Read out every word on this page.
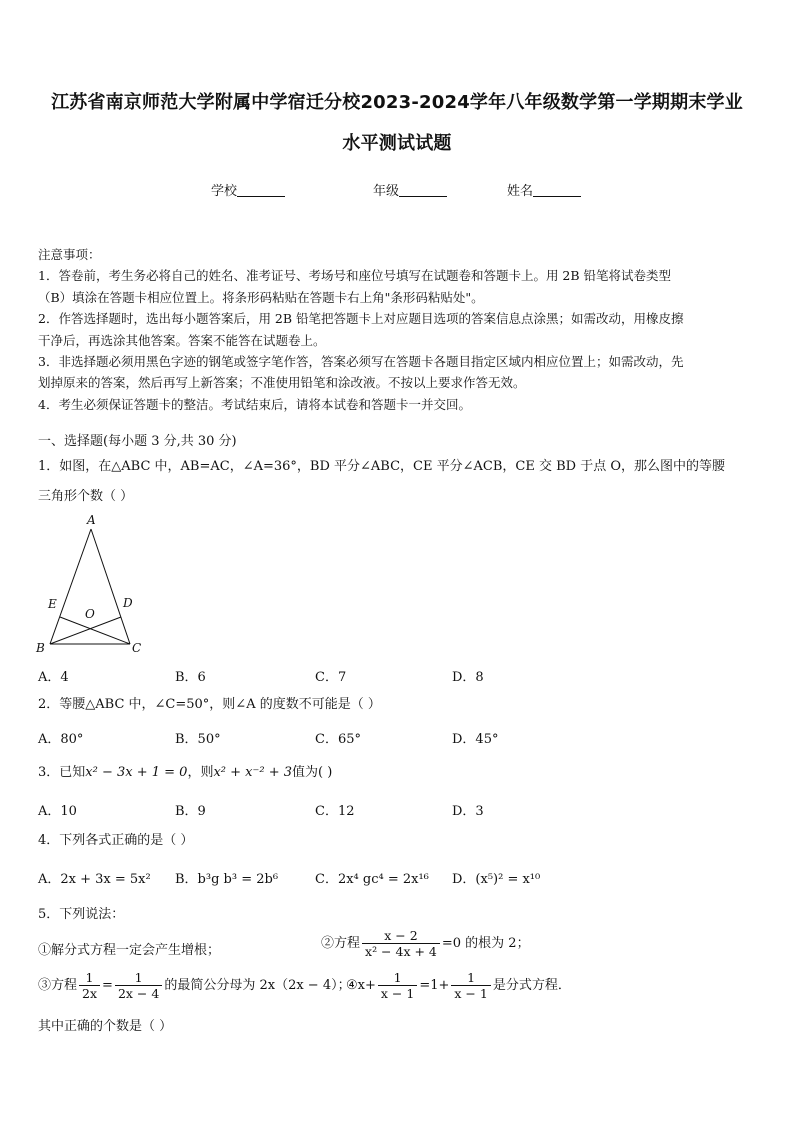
江苏省南京师范大学附属中学宿迁分校2023-2024学年八年级数学第一学期期末学业
水平测试试题
学校	年级	姓名

注意事项：

1．答卷前，考生务必将自己的姓名、准考证号、考场号和座位号填写在试题卷和答题卡上。用 2B 铅笔将试卷类型

（B）填涂在答题卡相应位置上。将条形码粘贴在答题卡右上角"条形码粘贴处"。

2．作答选择题时，选出每小题答案后，用 2B 铅笔把答题卡上对应题目选项的答案信息点涂黑；如需改动，用橡皮擦

干净后，再选涂其他答案。答案不能答在试题卷上。

3．非选择题必须用黑色字迹的钢笔或签字笔作答，答案必须写在答题卡各题目指定区域内相应位置上；如需改动，先

划掉原来的答案，然后再写上新答案；不准使用铅笔和涂改液。不按以上要求作答无效。

4．考生必须保证答题卡的整洁。考试结束后，请将本试卷和答题卡一并交回。

一、选择题(每小题 3 分,共 30 分)
1．如图，在△ABC 中，AB=AC，∠A=36°，BD 平分∠ABC，CE 平分∠ACB，CE 交 BD 于点 O，那么图中的等腰
三角形个数（ ）
A
B	C
D
E
O
A．4	B．6	C．7	D．8
2．等腰△ABC 中，∠C=50°，则∠A 的度数不可能是（ ）
A．80°	B．50°	C．65°	D．45°
3．已知x² − 3x + 1 = 0，则x² + x⁻² + 3值为( )
A．10	B．9	C．12	D．3
4．下列各式正确的是（ ）
A．2x + 3x = 5x² B．b³g b³ = 2b⁶	C．2x⁴ gc⁴ = 2x¹⁶ D．(x⁵)² = x¹⁰
5．下列说法：
①解分式方程一定会产生增根；	②方程 $\frac{x - 2}{\text{x² − 4x + 4}} =0$ 的根为 2；
③方程 $\frac{1}{2x} = \frac{1}{2x - 4}$ 的最简公分母为 2x（2x − 4）；
④x+ $\frac{1}{x - 1} =1+ \frac{1}{x - 1}$ 是分式方程．
其中正确的个数是（ ）
